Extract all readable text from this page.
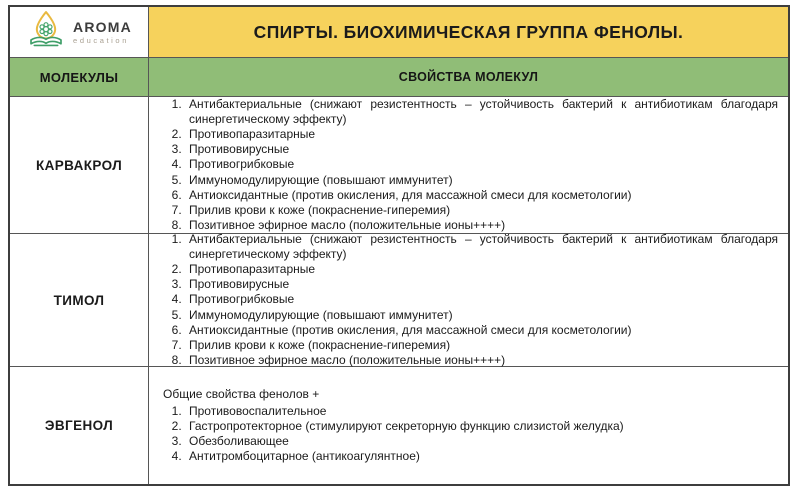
AROMA
education	СПИРТЫ. БИОХИМИЧЕСКАЯ ГРУППА ФЕНОЛЫ.
МОЛЕКУЛЫ	СВОЙСТВА МОЛЕКУЛ
КАРВАКРОЛ
1. Антибактериальные (снижают резистентность – устойчивость бактерий к антибиотикам благодаря синергетическому эффекту)
2. Противопаразитарные
3. Противовирусные
4. Противогрибковые
5. Иммуномодулирующие (повышают иммунитет)
6. Антиоксидантные (против окисления, для массажной смеси для косметологии)
7. Прилив крови к коже (покраснение-гиперемия)
8. Позитивное эфирное масло (положительные ионы++++)
ТИМОЛ
1. Антибактериальные (снижают резистентность – устойчивость бактерий к антибиотикам благодаря синергетическому эффекту)
2. Противопаразитарные
3. Противовирусные
4. Противогрибковые
5. Иммуномодулирующие (повышают иммунитет)
6. Антиоксидантные (против окисления, для массажной смеси для косметологии)
7. Прилив крови к коже (покраснение-гиперемия)
8. Позитивное эфирное масло (положительные ионы++++)
ЭВГЕНОЛ

Общие свойства фенолов +

1. Противовоспалительное
2. Гастропротекторное (стимулируют секреторную функцию слизистой желудка)
3. Обезболивающее
4. Антитромбоцитарное (антикоагулянтное)
